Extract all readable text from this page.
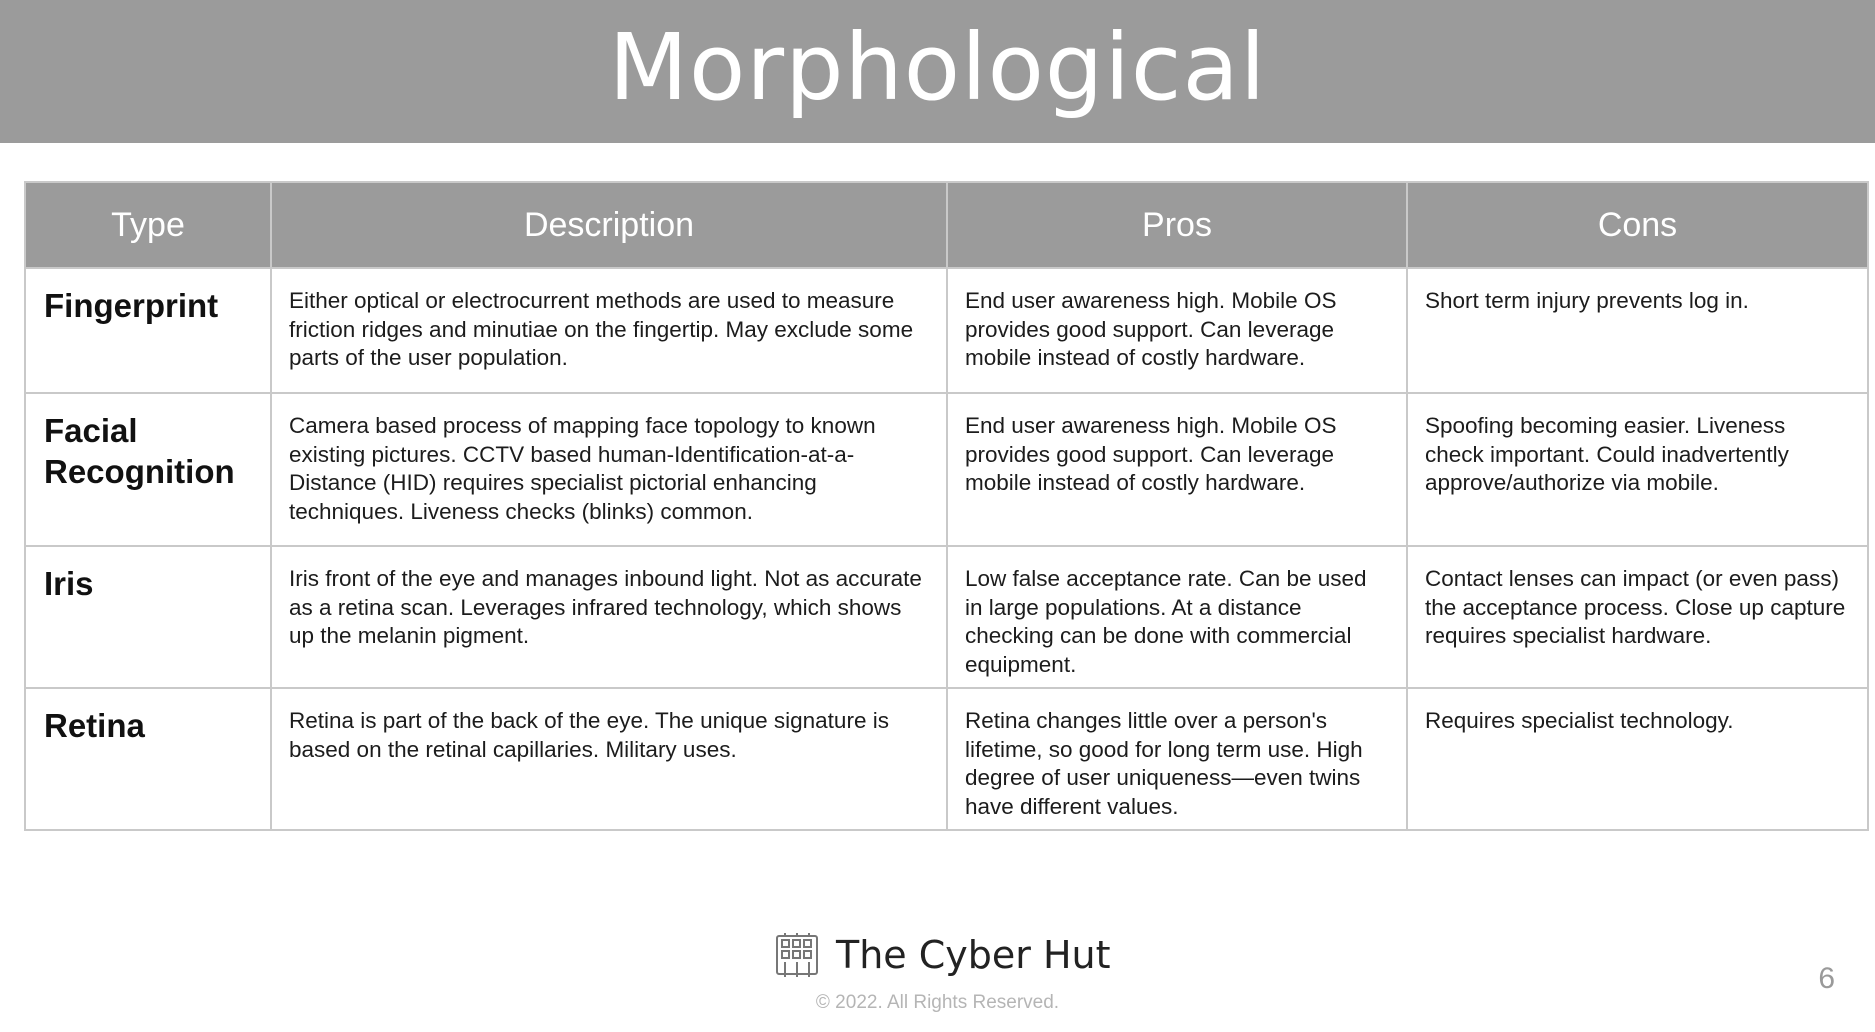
Morphological
Type	Description	Pros	Cons
Fingerprint	Either optical or electrocurrent methods are used to measure friction ridges and minutiae on the fingertip. May exclude some parts of the user population.	End user awareness high. Mobile OS provides good support. Can leverage mobile instead of costly hardware.	Short term injury prevents log in.
Facial Recognition	Camera based process of mapping face topology to known existing pictures. CCTV based human-Identification-at-a-Distance (HID) requires specialist pictorial enhancing techniques. Liveness checks (blinks) common.	End user awareness high. Mobile OS provides good support. Can leverage mobile instead of costly hardware.	Spoofing becoming easier. Liveness check important. Could inadvertently approve/authorize via mobile.
Iris	Iris front of the eye and manages inbound light. Not as accurate as a retina scan. Leverages infrared technology, which shows up the melanin pigment.	Low false acceptance rate. Can be used in large populations. At a distance checking can be done with commercial equipment.	Contact lenses can impact (or even pass) the acceptance process. Close up capture requires specialist hardware.
Retina	Retina is part of the back of the eye. The unique signature is based on the retinal capillaries. Military uses.	Retina changes little over a person's lifetime, so good for long term use. High degree of user uniqueness—even twins have different values.	Requires specialist technology.
The Cyber Hut
© 2022. All Rights Reserved.
6
